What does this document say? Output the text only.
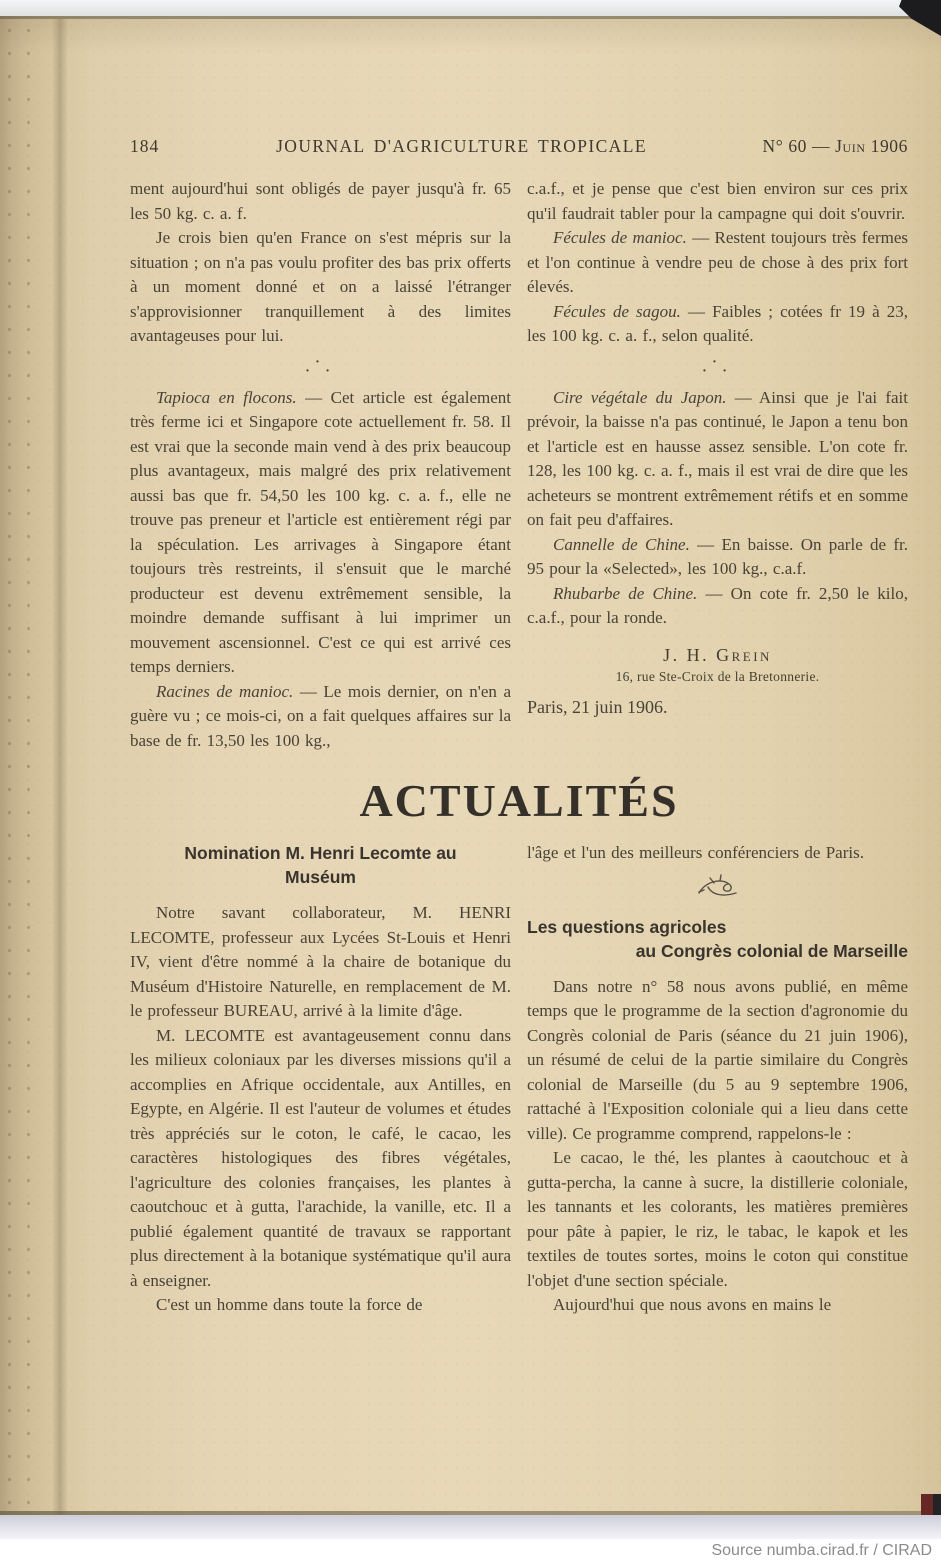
184	JOURNAL D'AGRICULTURE TROPICALE	N° 60 — Juin 1906

ment aujourd'hui sont obligés de payer jusqu'à fr. 65 les 50 kg. c. a. f.

Je crois bien qu'en France on s'est mépris sur la situation ; on n'a pas voulu profiter des bas prix offerts à un moment donné et on a laissé l'étranger s'approvisionner tranquillement à des limites avantageuses pour lui.

·
· ·

Tapioca en flocons. — Cet article est également très ferme ici et Singapore cote actuellement fr. 58. Il est vrai que la seconde main vend à des prix beaucoup plus avantageux, mais malgré des prix relativement aussi bas que fr. 54,50 les 100 kg. c. a. f., elle ne trouve pas preneur et l'article est entièrement régi par la spéculation. Les arrivages à Singapore étant toujours très restreints, il s'ensuit que le marché producteur est devenu extrêmement sensible, la moindre demande suffisant à lui imprimer un mouvement ascensionnel. C'est ce qui est arrivé ces temps derniers.

Racines de manioc. — Le mois dernier, on n'en a guère vu ; ce mois-ci, on a fait quelques affaires sur la base de fr. 13,50 les 100 kg.,

c.a.f., et je pense que c'est bien environ sur ces prix qu'il faudrait tabler pour la campagne qui doit s'ouvrir.

Fécules de manioc. — Restent toujours très fermes et l'on continue à vendre peu de chose à des prix fort élevés.

Fécules de sagou. — Faibles ; cotées fr 19 à 23, les 100 kg. c. a. f., selon qualité.

·
· ·

Cire végétale du Japon. — Ainsi que je l'ai fait prévoir, la baisse n'a pas continué, le Japon a tenu bon et l'article est en hausse assez sensible. L'on cote fr. 128, les 100 kg. c. a. f., mais il est vrai de dire que les acheteurs se montrent extrêmement rétifs et en somme on fait peu d'affaires.

Cannelle de Chine. — En baisse. On parle de fr. 95 pour la «Selected», les 100 kg., c.a.f.

Rhubarbe de Chine. — On cote fr. 2,50 le kilo, c.a.f., pour la ronde.

J. H. Grein

16, rue Ste-Croix de la Bretonnerie.

Paris, 21 juin 1906.

ACTUALITÉS
Nomination M. Henri Lecomte au
Muséum

Notre savant collaborateur, M. HENRI LECOMTE, professeur aux Lycées St-Louis et Henri IV, vient d'être nommé à la chaire de botanique du Muséum d'Histoire Naturelle, en remplacement de M. le professeur BUREAU, arrivé à la limite d'âge.

M. LECOMTE est avantageusement connu dans les milieux coloniaux par les diverses missions qu'il a accomplies en Afrique occidentale, aux Antilles, en Egypte, en Algérie. Il est l'auteur de volumes et études très appréciés sur le coton, le café, le cacao, les caractères histologiques des fibres végétales, l'agriculture des colonies françaises, les plantes à caoutchouc et à gutta, l'arachide, la vanille, etc. Il a publié également quantité de travaux se rapportant plus directement à la botanique systématique qu'il aura à enseigner.

C'est un homme dans toute la force de

l'âge et l'un des meilleurs conférenciers de Paris.

Les questions agricoles
au Congrès colonial de Marseille

Dans notre n° 58 nous avons publié, en même temps que le programme de la section d'agronomie du Congrès colonial de Paris (séance du 21 juin 1906), un résumé de celui de la partie similaire du Congrès colonial de Marseille (du 5 au 9 septembre 1906, rattaché à l'Exposition coloniale qui a lieu dans cette ville). Ce programme comprend, rappelons-le :

Le cacao, le thé, les plantes à caoutchouc et à gutta-percha, la canne à sucre, la distillerie coloniale, les tannants et les colorants, les matières premières pour pâte à papier, le riz, le tabac, le kapok et les textiles de toutes sortes, moins le coton qui constitue l'objet d'une section spéciale.

Aujourd'hui que nous avons en mains le

Source numba.cirad.fr / CIRAD
